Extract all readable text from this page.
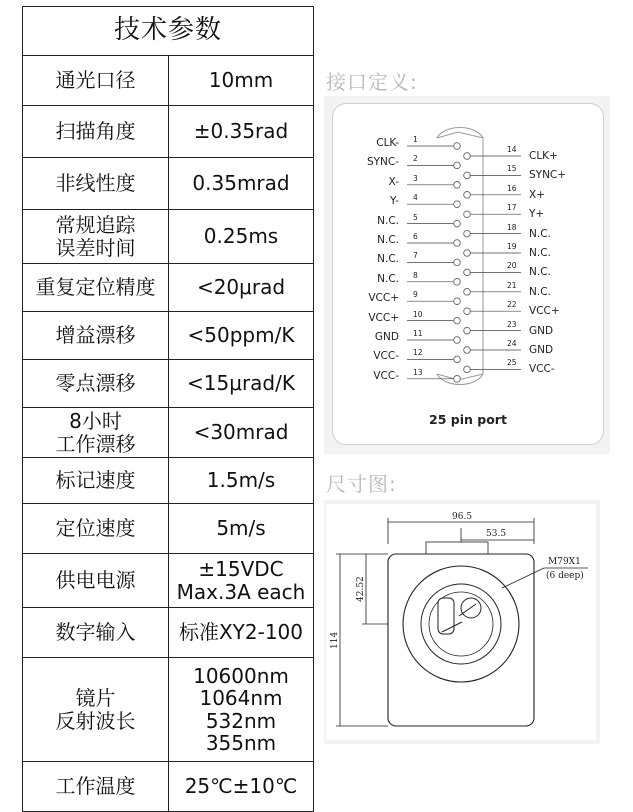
技术参数	
通光口径	10mm
扫描角度	±0.35rad
非线性度	0.35mrad
常规追踪
误差时间	0.25ms
重复定位精度	<20μrad
增益漂移	<50ppm/K
零点漂移	<15μrad/K
8小时
工作漂移	<30mrad
标记速度	1.5m/s
定位速度	5m/s
供电电源	±15VDC
Max.3A each
数字输入	标准XY2-100
镜片
反射波长	10600nm
1064nm
532nm
355nm
工作温度	25℃±10℃
接口定义:
CLK- 1
SYNC- 2
X- 3
Y- 4
N.C. 5
N.C. 6
N.C. 7
N.C. 8
VCC+ 9
VCC+ 10
GND 11
VCC- 12
VCC- 13
14
CLK+
15
SYNC+
16
X+
17
Y+
18
N.C.
19
N.C.
20
N.C.
21
N.C.
22
VCC+
23
GND
24
GND
25
VCC-
25 pin port
尺寸图:
96.5
53.5
114
42.52
M79X1
(6 deep)
